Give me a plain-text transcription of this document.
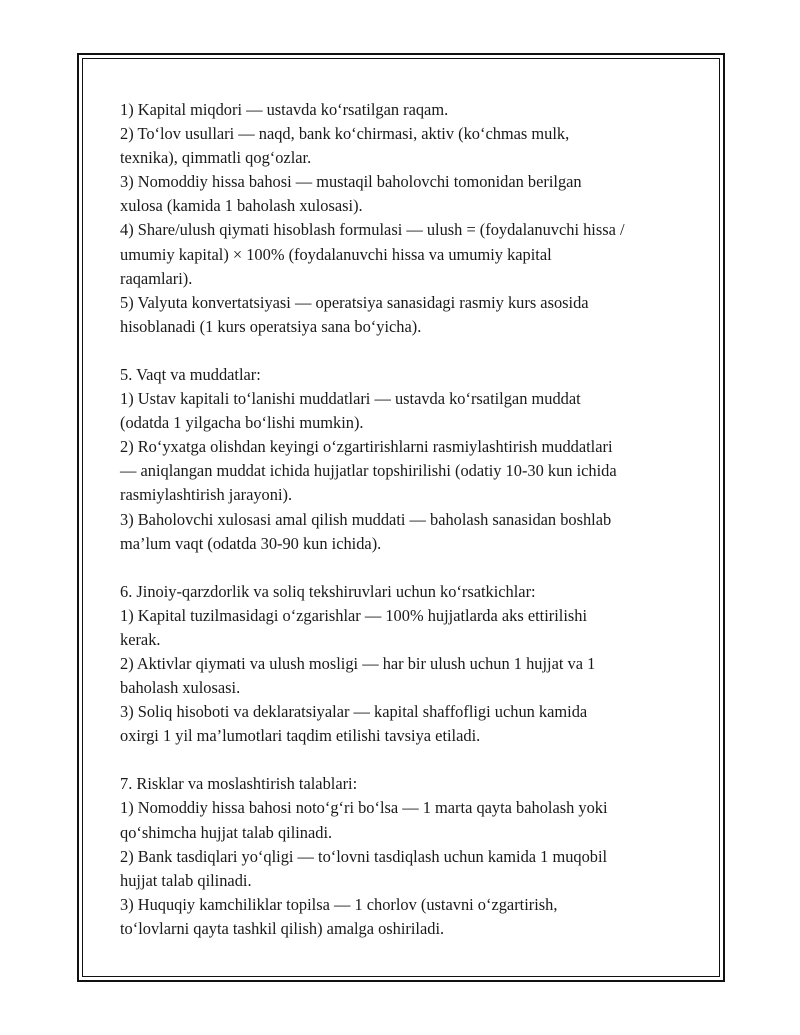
1) Kapital miqdori — ustavda ko‘rsatilgan raqam.
2) To‘lov usullari — naqd, bank ko‘chirmasi, aktiv (ko‘chmas mulk,
texnika), qimmatli qog‘ozlar.
3) Nomoddiy hissa bahosi — mustaqil baholovchi tomonidan berilgan
xulosa (kamida 1 baholash xulosasi).
4) Share/ulush qiymati hisoblash formulasi — ulush = (foydalanuvchi hissa /
umumiy kapital) × 100% (foydalanuvchi hissa va umumiy kapital
raqamlari).
5) Valyuta konvertatsiyasi — operatsiya sanasidagi rasmiy kurs asosida
hisoblanadi (1 kurs operatsiya sana bo‘yicha).
5. Vaqt va muddatlar:
1) Ustav kapitali to‘lanishi muddatlari — ustavda ko‘rsatilgan muddat
(odatda 1 yilgacha bo‘lishi mumkin).
2) Ro‘yxatga olishdan keyingi o‘zgartirishlarni rasmiylashtirish muddatlari
— aniqlangan muddat ichida hujjatlar topshirilishi (odatiy 10-30 kun ichida
rasmiylashtirish jarayoni).
3) Baholovchi xulosasi amal qilish muddati — baholash sanasidan boshlab
ma’lum vaqt (odatda 30-90 kun ichida).
6. Jinoiy-qarzdorlik va soliq tekshiruvlari uchun ko‘rsatkichlar:
1) Kapital tuzilmasidagi o‘zgarishlar — 100% hujjatlarda aks ettirilishi
kerak.
2) Aktivlar qiymati va ulush mosligi — har bir ulush uchun 1 hujjat va 1
baholash xulosasi.
3) Soliq hisoboti va deklaratsiyalar — kapital shaffofligi uchun kamida
oxirgi 1 yil ma’lumotlari taqdim etilishi tavsiya etiladi.
7. Risklar va moslashtirish talablari:
1) Nomoddiy hissa bahosi noto‘g‘ri bo‘lsa — 1 marta qayta baholash yoki
qo‘shimcha hujjat talab qilinadi.
2) Bank tasdiqlari yo‘qligi — to‘lovni tasdiqlash uchun kamida 1 muqobil
hujjat talab qilinadi.
3) Huquqiy kamchiliklar topilsa — 1 chorlov (ustavni o‘zgartirish,
to‘lovlarni qayta tashkil qilish) amalga oshiriladi.
